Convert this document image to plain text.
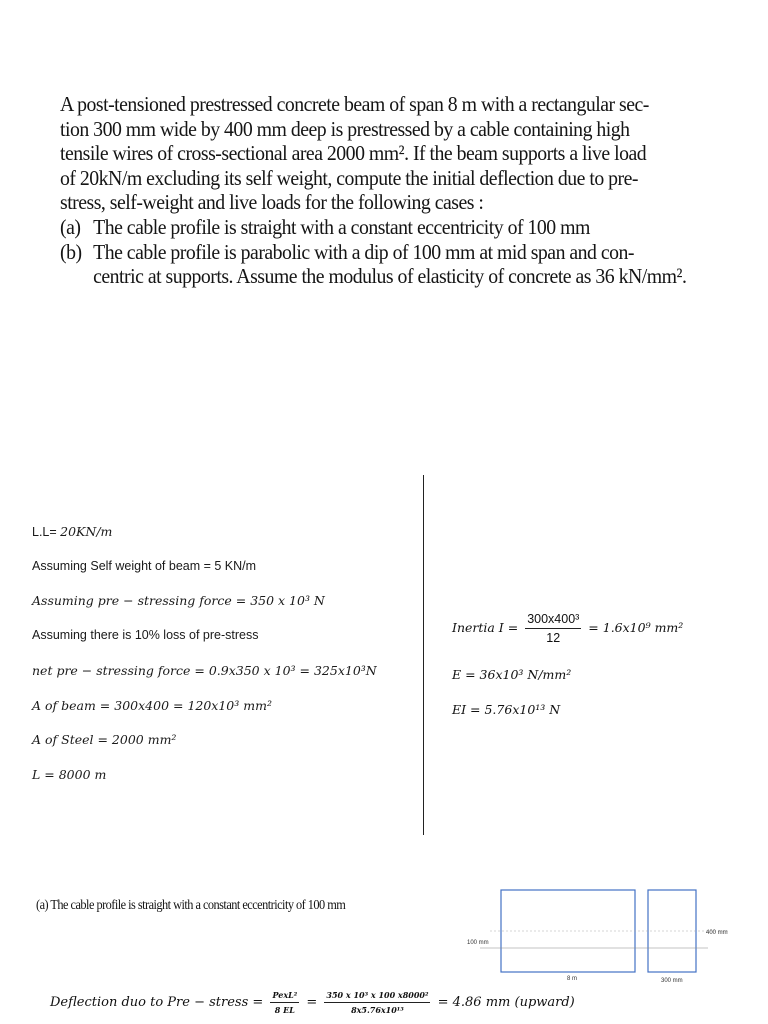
A post-tensioned prestressed concrete beam of span 8 m with a rectangular sec-
tion 300 mm wide by 400 mm deep is prestressed by a cable containing high
tensile wires of cross-sectional area 2000 mm². If the beam supports a live load
of 20kN/m excluding its self weight, compute the initial deflection due to pre-
stress, self-weight and live loads for the following cases :
(a) The cable profile is straight with a constant eccentricity of 100 mm
(b) The cable profile is parabolic with a dip of 100 mm at mid span and con-
centric at supports. Assume the modulus of elasticity of concrete as 36 kN/mm².
L.L= 20KN/m
Assuming Self weight of beam = 5 KN/m
Assuming pre − stressing force = 350 x 10³ N
Assuming there is 10% loss of pre-stress
net pre − stressing force = 0.9x350 x 10³ = 325x10³N
A of beam = 300x400 = 120x10³ mm²
A of Steel = 2000 mm²
L = 8000 m
Inertia $I = \frac{\text{300x400³}}{12} = 1.6x10^9$ mm²
E = 36x10³ N/mm²
EI = 5.76x10¹³ N
(a) The cable profile is straight with a constant eccentricity of 100 mm
100 mm
8 m
400 mm
300 mm
Deflection duo to Pre − stress = $\frac{\text{PexL²}}{8 EL} = \frac{\text{350 x 10³ x 100 x8000²}}{\text{8x5.76x10¹³}} = 4.86$ mm (upward)
